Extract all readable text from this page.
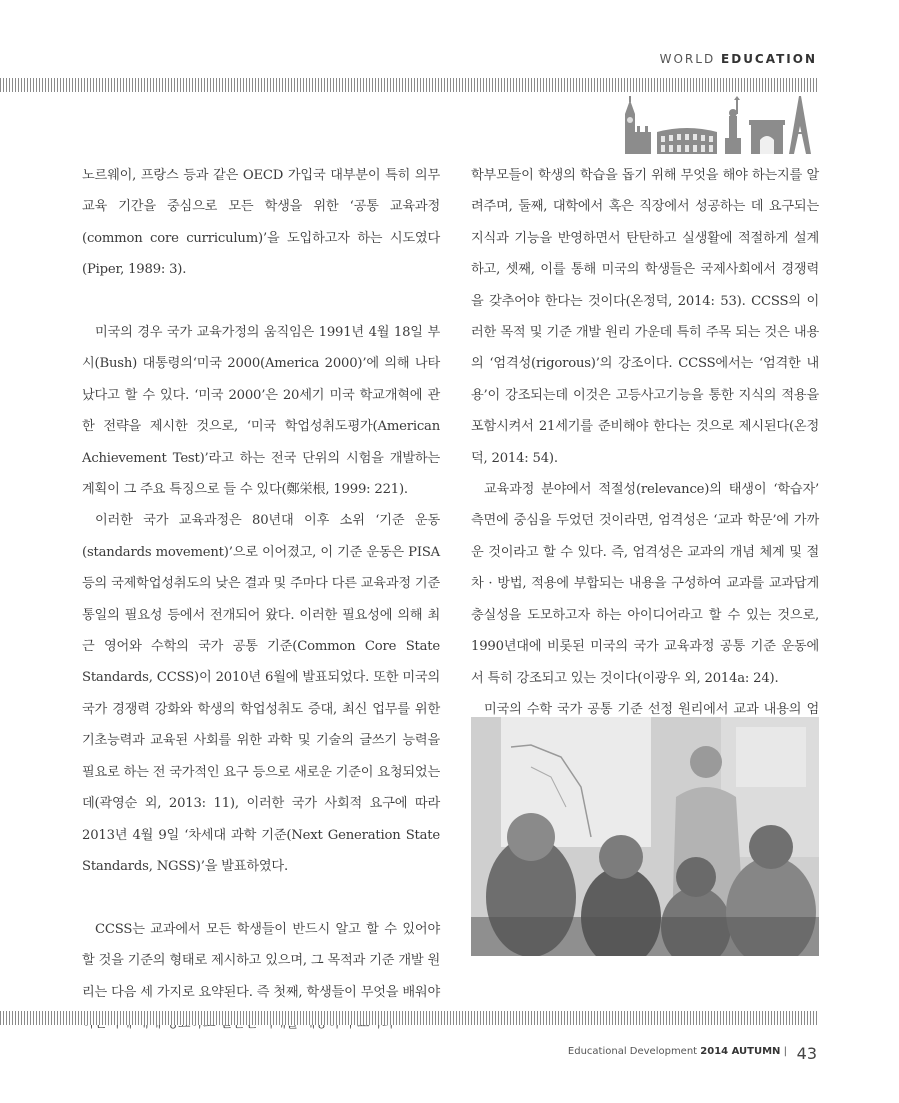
WORLD EDUCATION

노르웨이, 프랑스 등과 같은 OECD 가입국 대부분이 특히 의무교육 기간을 중심으로 모든 학생을 위한 ‘공통 교육과정(common core curriculum)’을 도입하고자 하는 시도였다(Piper, 1989: 3).

미국의 경우 국가 교육가정의 움직임은 1991년 4월 18일 부시(Bush) 대통령의‘미국 2000(America 2000)’에 의해 나타났다고 할 수 있다. ‘미국 2000’은 20세기 미국 학교개혁에 관한 전략을 제시한 것으로, ‘미국 학업성취도평가(American Achievement Test)’라고 하는 전국 단위의 시험을 개발하는 계획이 그 주요 특징으로 들 수 있다(鄭栄根, 1999: 221).

이러한 국가 교육과정은 80년대 이후 소위 ‘기준 운동(standards movement)’으로 이어졌고, 이 기준 운동은 PISA 등의 국제학업성취도의 낮은 결과 및 주마다 다른 교육과정 기준 통일의 필요성 등에서 전개되어 왔다. 이러한 필요성에 의해 최근 영어와 수학의 국가 공통 기준(Common Core State Standards, CCSS)이 2010년 6월에 발표되었다. 또한 미국의 국가 경쟁력 강화와 학생의 학업성취도 증대, 최신 업무를 위한 기초능력과 교육된 사회를 위한 과학 및 기술의 글쓰기 능력을 필요로 하는 전 국가적인 요구 등으로 새로운 기준이 요청되었는데(곽영순 외, 2013: 11), 이러한 국가 사회적 요구에 따라 2013년 4월 9일 ‘차세대 과학 기준(Next Generation State Standards, NGSS)’을 발표하였다.

CCSS는 교과에서 모든 학생들이 반드시 알고 할 수 있어야 할 것을 기준의 형태로 제시하고 있으며, 그 목적과 기준 개발 원리는 다음 세 가지로 요약된다. 즉 첫째, 학생들이 무엇을 배워야

학부모들이 학생의 학습을 돕기 위해 무엇을 해야 하는지를 알려주며, 둘째, 대학에서 혹은 직장에서 성공하는 데 요구되는 지식과 기능을 반영하면서 탄탄하고 실생활에 적절하게 설계하고, 셋째, 이를 통해 미국의 학생들은 국제사회에서 경쟁력을 갖추어야 한다는 것이다(온정덕, 2014: 53). CCSS의 이러한 목적 및 기준 개발 원리 가운데 특히 주목 되는 것은 내용의 ‘엄격성(rigorous)’의 강조이다. CCSS에서는 ‘엄격한 내용’이 강조되는데 이것은 고등사고기능을 통한 지식의 적용을 포함시켜서 21세기를 준비해야 한다는 것으로 제시된다(온정덕, 2014: 54).

교육과정 분야에서 적절성(relevance)의 태생이 ‘학습자’ 측면에 중심을 두었던 것이라면, 엄격성은 ‘교과 학문’에 가까운 것이라고 할 수 있다. 즉, 엄격성은 교과의 개념 체계 및 절차 · 방법, 적용에 부합되는 내용을 구성하여 교과를 교과답게 충실성을 도모하고자 하는 아이디어라고 할 수 있는 것으로, 1990년대에 비롯된 미국의 국가 교육과정 공통 기준 운동에서 특히 강조되고 있는 것이다(이광우 외, 2014a: 24).

미국의 수학 국가 공통 기준 선정 원리에서 교과 내용의 엄

Educational Development 2014 AUTUMN | 43
